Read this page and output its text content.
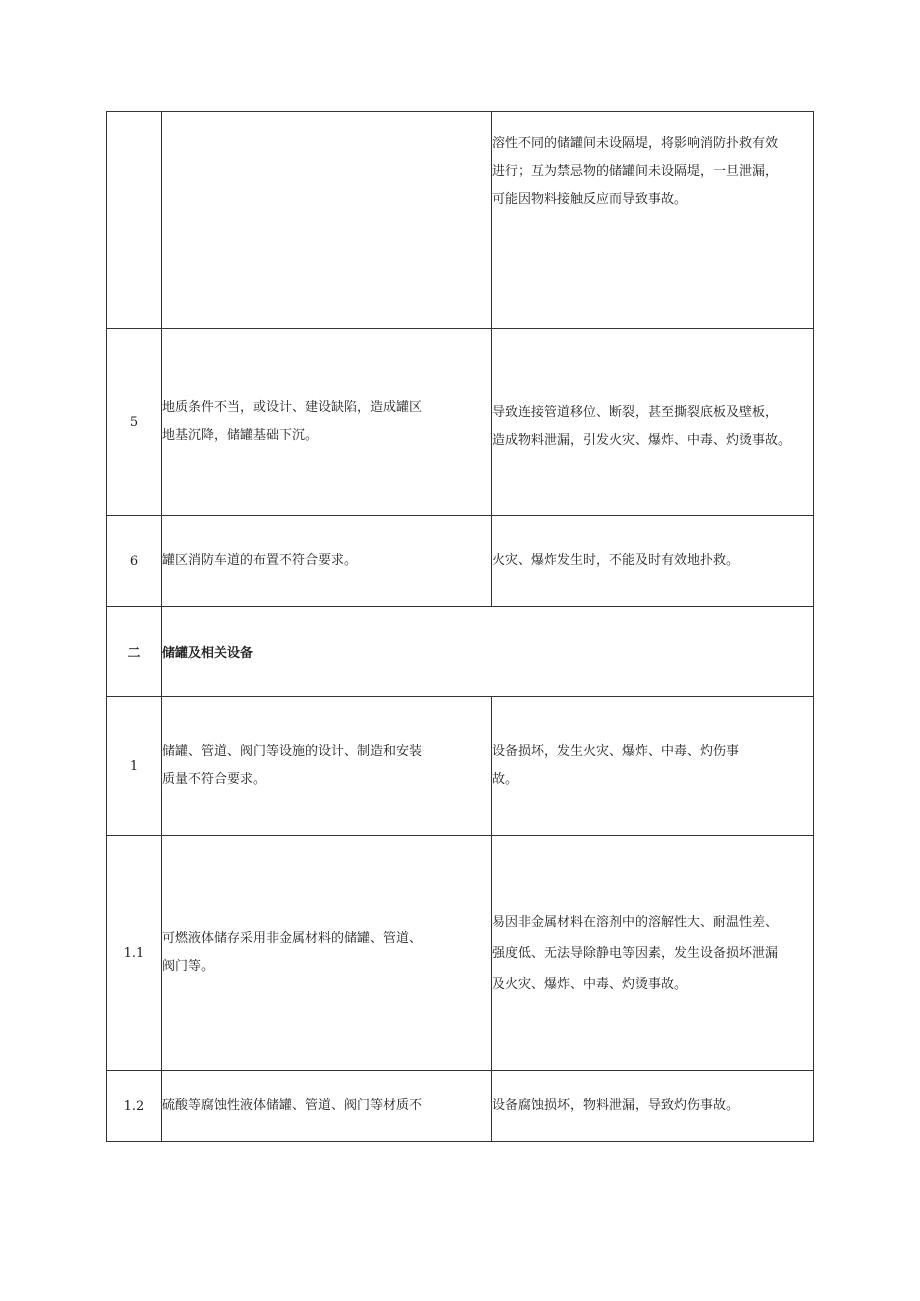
		溶性不同的储罐间未设隔堤，将影响消防扑救有效
进行；互为禁忌物的储罐间未设隔堤，一旦泄漏，
可能因物料接触反应而导致事故。

5	地质条件不当，或设计、建设缺陷，造成罐区
地基沉降，储罐基础下沉。	导致连接管道移位、断裂，甚至撕裂底板及壁板，
造成物料泄漏，引发火灾、爆炸、中毒、灼烫事故。

6	罐区消防车道的布置不符合要求。	火灾、爆炸发生时，不能及时有效地扑救。

二	储罐及相关设备	
1	储罐、管道、阀门等设施的设计、制造和安装
质量不符合要求。	设备损坏，发生火灾、爆炸、中毒、灼伤事
故。

1.1	可燃液体储存采用非金属材料的储罐、管道、
阀门等。	易因非金属材料在溶剂中的溶解性大、耐温性差、
强度低、无法导除静电等因素，发生设备损坏泄漏
及火灾、爆炸、中毒、灼烫事故。

1.2	硫酸等腐蚀性液体储罐、管道、阀门等材质不	设备腐蚀损坏，物料泄漏，导致灼伤事故。
